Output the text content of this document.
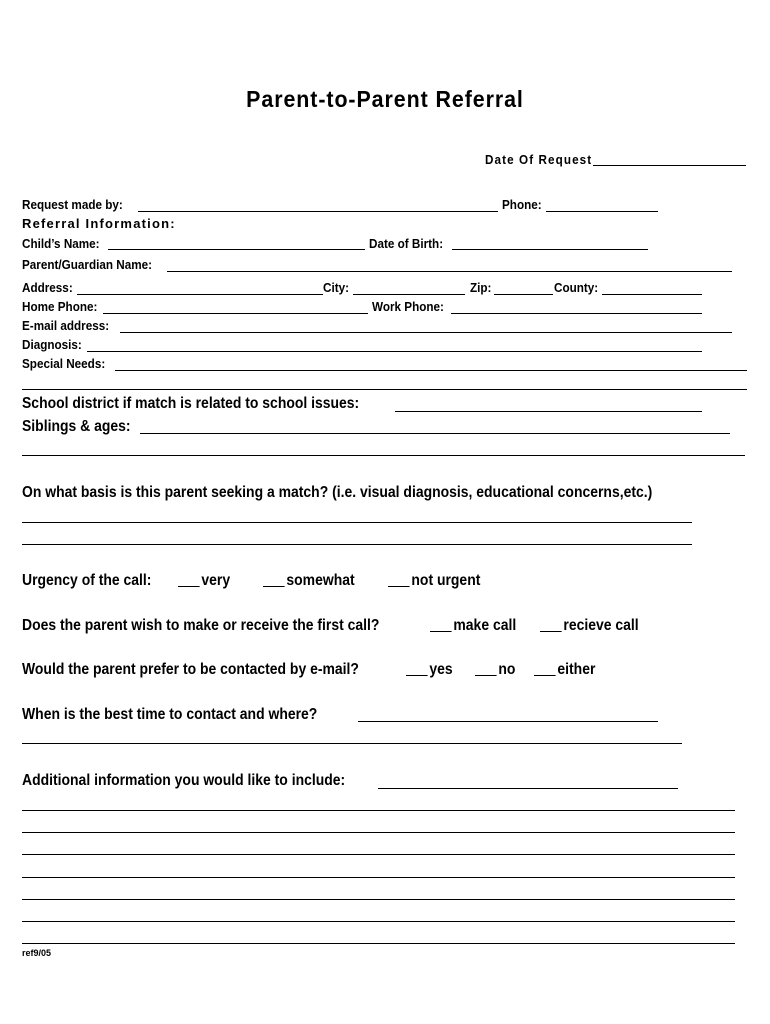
Parent-to-Parent Referral
Date Of Request
Request made by:	Phone:
Referral Information:
Child’s Name:	Date of Birth:
Parent/Guardian Name:
Address:	City:	Zip:	County:
Home Phone:	Work Phone:
E-mail address:
Diagnosis:
Special Needs:
School district if match is related to school issues:
Siblings & ages:
On what basis is this parent seeking a match? (i.e. visual diagnosis, educational concerns,etc.)
Urgency of the call:	very	somewhat	not urgent
Does the parent wish to make or receive the first call?	make call	recieve call
Would the parent prefer to be contacted by e-mail?	yes	no	either
When is the best time to contact and where?
Additional information you would like to include:
ref9/05
